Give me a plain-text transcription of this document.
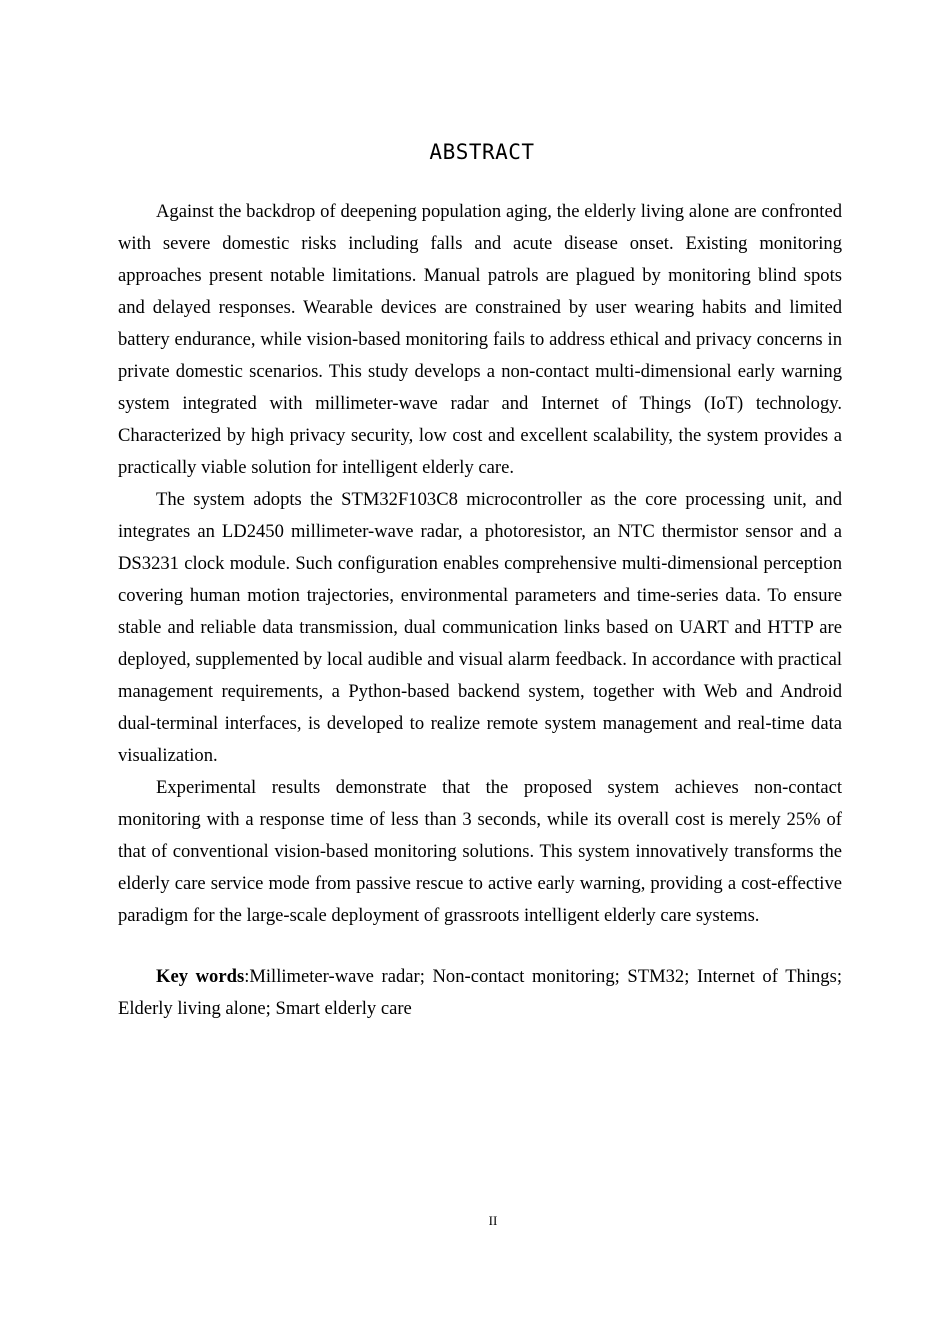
ABSTRACT

Against the backdrop of deepening population aging, the elderly living alone are confronted with severe domestic risks including falls and acute disease onset. Existing monitoring approaches present notable limitations. Manual patrols are plagued by monitoring blind spots and delayed responses. Wearable devices are constrained by user wearing habits and limited battery endurance, while vision-based monitoring fails to address ethical and privacy concerns in private domestic scenarios. This study develops a non-contact multi-dimensional early warning system integrated with millimeter-wave radar and Internet of Things (IoT) technology. Characterized by high privacy security, low cost and excellent scalability, the system provides a practically viable solution for intelligent elderly care.

The system adopts the STM32F103C8 microcontroller as the core processing unit, and integrates an LD2450 millimeter-wave radar, a photoresistor, an NTC thermistor sensor and a DS3231 clock module. Such configuration enables comprehensive multi-dimensional perception covering human motion trajectories, environmental parameters and time-series data. To ensure stable and reliable data transmission, dual communication links based on UART and HTTP are deployed, supplemented by local audible and visual alarm feedback. In accordance with practical management requirements, a Python-based backend system, together with Web and Android dual-terminal interfaces, is developed to realize remote system management and real-time data visualization.

Experimental results demonstrate that the proposed system achieves non-contact monitoring with a response time of less than 3 seconds, while its overall cost is merely 25% of that of conventional vision-based monitoring solutions. This system innovatively transforms the elderly care service mode from passive rescue to active early warning, providing a cost-effective paradigm for the large-scale deployment of grassroots intelligent elderly care systems.

Key words:Millimeter-wave radar; Non-contact monitoring; STM32; Internet of Things; Elderly living alone; Smart elderly care

II
